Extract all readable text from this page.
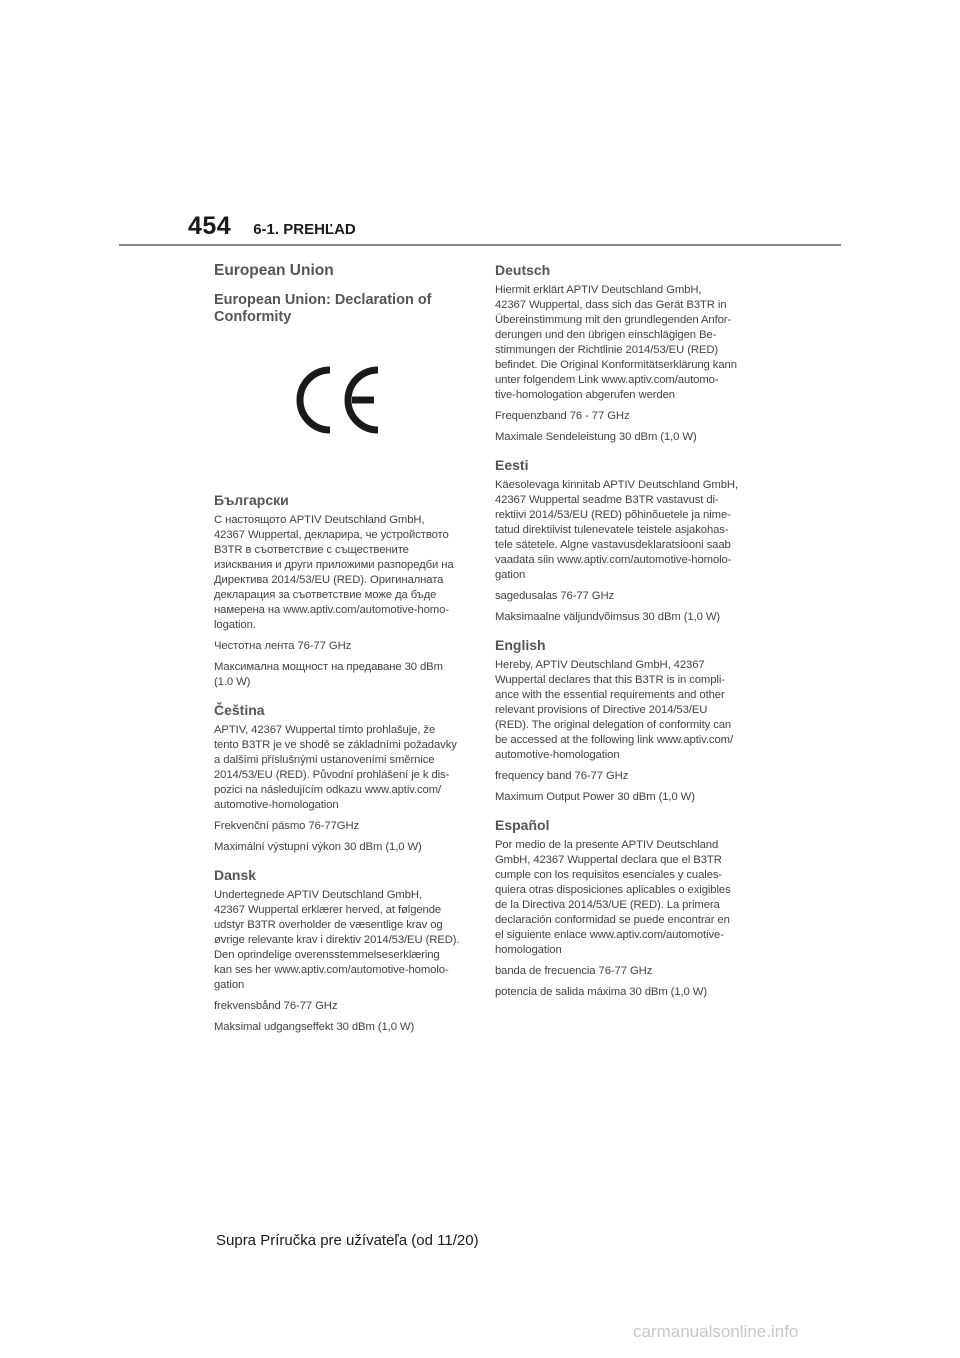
454 6-1. PREHĽAD
European Union
European Union: Declaration of
Conformity
Български

С настоящото APTIV Deutschland GmbH,
42367 Wuppertal, декларира, че устройството
B3TR в съответствие с съществените
изисквания и други приложими разпоредби на
Директива 2014/53/EU (RED). Оригиналната
декларация за съответствие може да бъде
намерена на www.aptiv.com/automotive-homo-
logation.

Честотна лента 76-77 GHz

Максимална мощност на предаване 30 dBm
(1.0 W)

Čeština

APTIV, 42367 Wuppertal tímto prohlašuje, že
tento B3TR je ve shodě se základními požadavky
a dalšími příslušnými ustanoveními směrnice
2014/53/EU (RED). Původní prohlášení je k dis-
pozici na následujícím odkazu www.aptiv.com/
automotive-homologation

Frekvenční pásmo 76-77GHz

Maximální výstupní výkon 30 dBm (1,0 W)

Dansk

Undertegnede APTIV Deutschland GmbH,
42367 Wuppertal erklærer herved, at følgende
udstyr B3TR overholder de væsentlige krav og
øvrige relevante krav i direktiv 2014/53/EU (RED).
Den oprindelige overensstemmelseserklæring
kan ses her www.aptiv.com/automotive-homolo-
gation

frekvensbånd 76-77 GHz

Maksimal udgangseffekt 30 dBm (1,0 W)

Deutsch

Hiermit erklärt APTIV Deutschland GmbH,
42367 Wuppertal, dass sich das Gerät B3TR in
Übereinstimmung mit den grundlegenden Anfor-
derungen und den übrigen einschlägigen Be-
stimmungen der Richtlinie 2014/53/EU (RED)
befindet. Die Original Konformitätserklärung kann
unter folgendem Link www.aptiv.com/automo-
tive-homologation abgerufen werden

Frequenzband 76 - 77 GHz

Maximale Sendeleistung 30 dBm (1,0 W)

Eesti

Käesolevaga kinnitab APTIV Deutschland GmbH,
42367 Wuppertal seadme B3TR vastavust di-
rektiivi 2014/53/EU (RED) põhinõuetele ja nime-
tatud direktiivist tulenevatele teistele asjakohas-
tele sätetele. Algne vastavusdeklaratsiooni saab
vaadata siin www.aptiv.com/automotive-homolo-
gation

sagedusalas 76-77 GHz

Maksimaalne väljundvõimsus 30 dBm (1,0 W)

English

Hereby, APTIV Deutschland GmbH, 42367
Wuppertal declares that this B3TR is in compli-
ance with the essential requirements and other
relevant provisions of Directive 2014/53/EU
(RED). The original delegation of conformity can
be accessed at the following link www.aptiv.com/
automotive-homologation

frequency band 76-77 GHz

Maximum Output Power 30 dBm (1,0 W)

Español

Por medio de la presente APTIV Deutschland
GmbH, 42367 Wuppertal declara que el B3TR
cumple con los requisitos esenciales y cuales-
quiera otras disposiciones aplicables o exigibles
de la Directiva 2014/53/UE (RED). La primera
declaración conformidad se puede encontrar en
el siguiente enlace www.aptiv.com/automotive-
homologation

banda de frecuencia 76-77 GHz

potencia de salida máxima 30 dBm (1,0 W)

Supra Príručka pre užívateľa (od 11/20)
carmanualsonline.info
